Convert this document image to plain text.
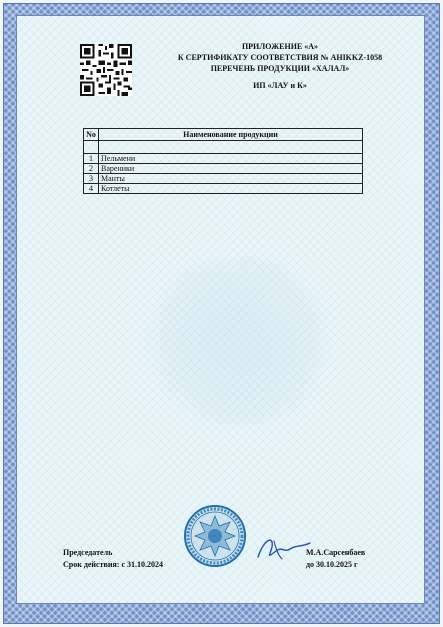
ПРИЛОЖЕНИЕ «А»
К СЕРТИФИКАТУ СООТВЕТСТВИЯ № AHIKKZ-1058
ПЕРЕЧЕНЬ ПРОДУКЦИИ «ХАЛАЛ»
ИП «ЛАУ и К»
No	Наименование продукции

1	Пельмени
2	Вареники
3	Манты
4	Котлеты
Председатель
Срок действия: с 31.10.2024
М.А.Сарсенбаев
до 30.10.2025 г
